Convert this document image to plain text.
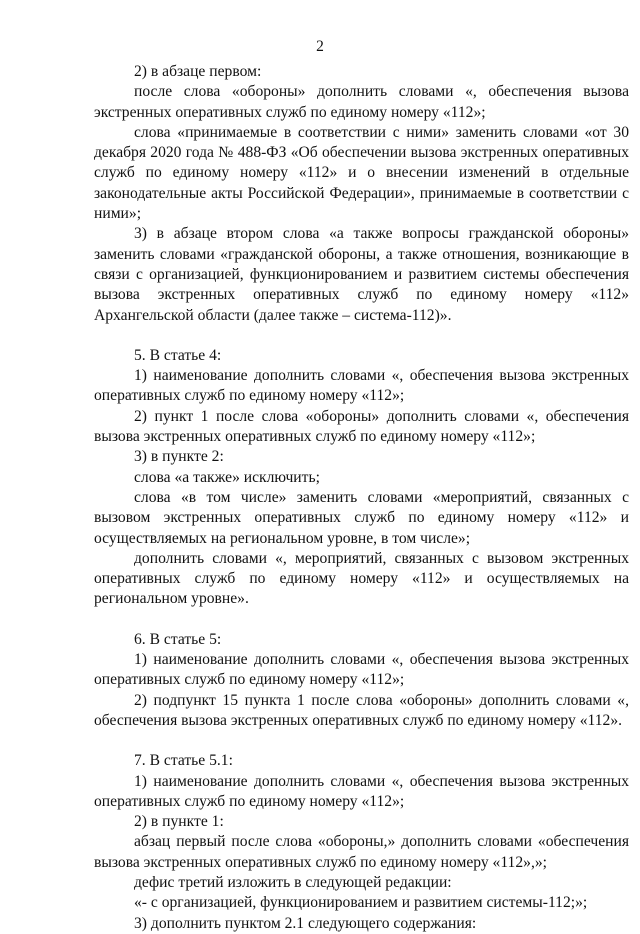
2

2) в абзаце первом:

после слова «обороны» дополнить словами «, обеспечения вызова экстренных оперативных служб по единому номеру «112»;

слова «принимаемые в соответствии с ними» заменить словами «от 30 декабря 2020 года № 488-ФЗ «Об обеспечении вызова экстренных оперативных служб по единому номеру «112» и о внесении изменений в отдельные законодательные акты Российской Федерации», принимаемые в соответствии с ними»;

3) в абзаце втором слова «а также вопросы гражданской обороны» заменить словами «гражданской обороны, а также отношения, возникающие в связи с организацией, функционированием и развитием системы обеспечения вызова экстренных оперативных служб по единому номеру «112» Архангельской области (далее также – система-112)».

5. В статье 4:

1) наименование дополнить словами «, обеспечения вызова экстренных оперативных служб по единому номеру «112»;

2) пункт 1 после слова «обороны» дополнить словами «, обеспечения вызова экстренных оперативных служб по единому номеру «112»;

3) в пункте 2:

слова «а также» исключить;

слова «в том числе» заменить словами «мероприятий, связанных с вызовом экстренных оперативных служб по единому номеру «112» и осуществляемых на региональном уровне, в том числе»;

дополнить словами «, мероприятий, связанных с вызовом экстренных оперативных служб по единому номеру «112» и осуществляемых на региональном уровне».

6. В статье 5:

1) наименование дополнить словами «, обеспечения вызова экстренных оперативных служб по единому номеру «112»;

2) подпункт 15 пункта 1 после слова «обороны» дополнить словами «, обеспечения вызова экстренных оперативных служб по единому номеру «112».

7. В статье 5.1:

1) наименование дополнить словами «, обеспечения вызова экстренных оперативных служб по единому номеру «112»;

2) в пункте 1:

абзац первый после слова «обороны,» дополнить словами «обеспечения вызова экстренных оперативных служб по единому номеру «112»,»;

дефис третий изложить в следующей редакции:

«- с организацией, функционированием и развитием системы-112;»;

3) дополнить пунктом 2.1 следующего содержания:
